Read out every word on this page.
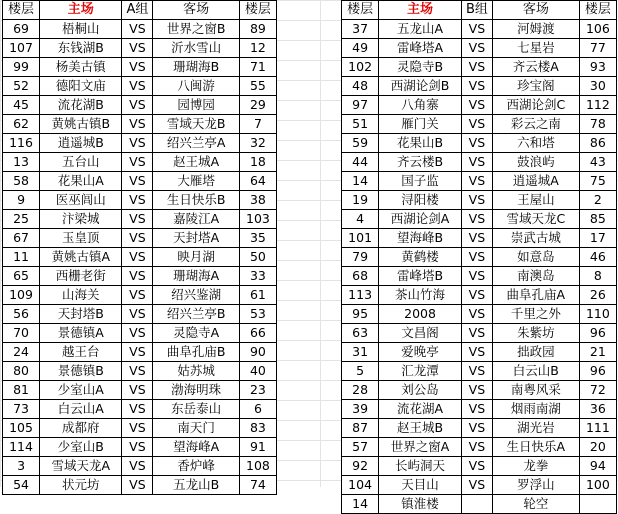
楼层	主场	A组	客场	楼层
69	梧桐山	VS	世界之窗B	89
107	东钱湖B	VS	沂水雪山	12
99	杨美古镇	VS	珊瑚海B	71
52	德阳文庙	VS	八闽游	55
45	流花湖B	VS	园博园	29
62	黄姚古镇B	VS	雪域天龙B	7
116	逍遥城B	VS	绍兴兰亭A	32
13	五台山	VS	赵王城A	18
58	花果山A	VS	大雁塔	64
9	医巫闾山	VS	生日快乐B	38
25	汴梁城	VS	嘉陵江A	103
67	玉皇顶	VS	天封塔A	35
11	黄姚古镇A	VS	映月湖	50
65	西栅老街	VS	珊瑚海A	33
109	山海关	VS	绍兴鉴湖	61
56	天封塔B	VS	绍兴兰亭B	53
70	景德镇A	VS	灵隐寺A	66
24	越王台	VS	曲阜孔庙B	90
80	景德镇B	VS	姑苏城	40
81	少室山A	VS	渤海明珠	23
73	白云山A	VS	东岳泰山	6
105	成都府	VS	南天门	83
114	少室山B	VS	望海峰A	91
3	雪域天龙A	VS	香炉峰	108
54	状元坊	VS	五龙山B	74
楼层	主场	B组	客场	楼层
37	五龙山A	VS	河姆渡	106
49	雷峰塔A	VS	七星岩	77
102	灵隐寺B	VS	齐云楼A	93
48	西湖论剑B	VS	珍宝阁	30
97	八角寨	VS	西湖论剑C	112
51	雁门关	VS	彩云之南	78
59	花果山B	VS	六和塔	86
44	齐云楼B	VS	鼓浪屿	43
14	国子监	VS	逍遥城A	75
19	浔阳楼	VS	王屋山	2
4	西湖论剑A	VS	雪域天龙C	85
101	望海峰B	VS	崇武古城	17
79	黄鹤楼	VS	如意岛	46
68	雷峰塔B	VS	南澳岛	8
113	茶山竹海	VS	曲阜孔庙A	26
95	2008	VS	千里之外	110
63	文昌阁	VS	朱紫坊	96
31	爱晚亭	VS	拙政园	21
5	汇龙潭	VS	白云山B	96
28	刘公岛	VS	南粤风采	72
39	流花湖A	VS	烟雨南湖	36
87	赵王城B	VS	湖光岩	111
57	世界之窗A	VS	生日快乐A	20
92	长屿洞天	VS	龙拳	94
104	天目山	VS	罗浮山	100
14	镇淮楼		轮空	
